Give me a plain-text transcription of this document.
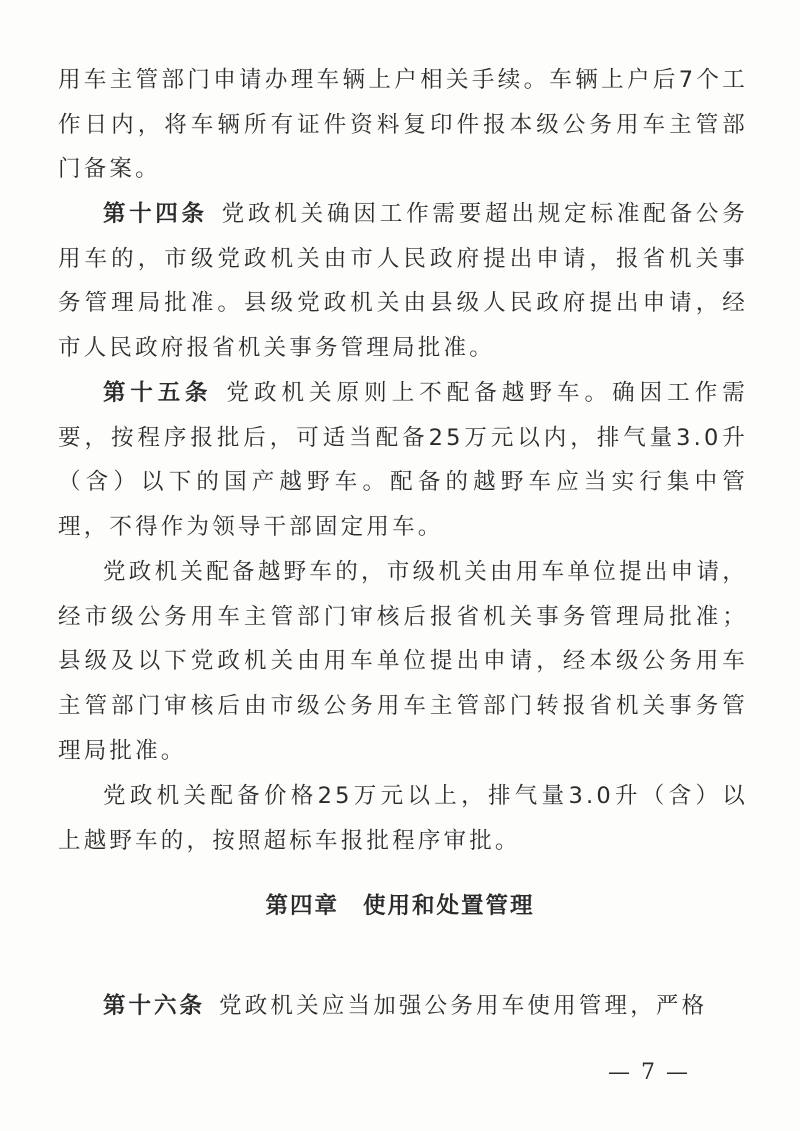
用车主管部门申请办理车辆上户相关手续。车辆上户后7个工作日内，将车辆所有证件资料复印件报本级公务用车主管部门备案。

第十四条 党政机关确因工作需要超出规定标准配备公务用车的，市级党政机关由市人民政府提出申请，报省机关事务管理局批准。县级党政机关由县级人民政府提出申请，经市人民政府报省机关事务管理局批准。

第十五条 党政机关原则上不配备越野车。确因工作需要，按程序报批后，可适当配备25万元以内，排气量3.0升（含）以下的国产越野车。配备的越野车应当实行集中管理，不得作为领导干部固定用车。

党政机关配备越野车的，市级机关由用车单位提出申请，经市级公务用车主管部门审核后报省机关事务管理局批准；县级及以下党政机关由用车单位提出申请，经本级公务用车主管部门审核后由市级公务用车主管部门转报省机关事务管理局批准。

党政机关配备价格25万元以上，排气量3.0升（含）以上越野车的，按照超标车报批程序审批。

第四章 使用和处置管理

第十六条 党政机关应当加强公务用车使用管理，严格

— 7 —
